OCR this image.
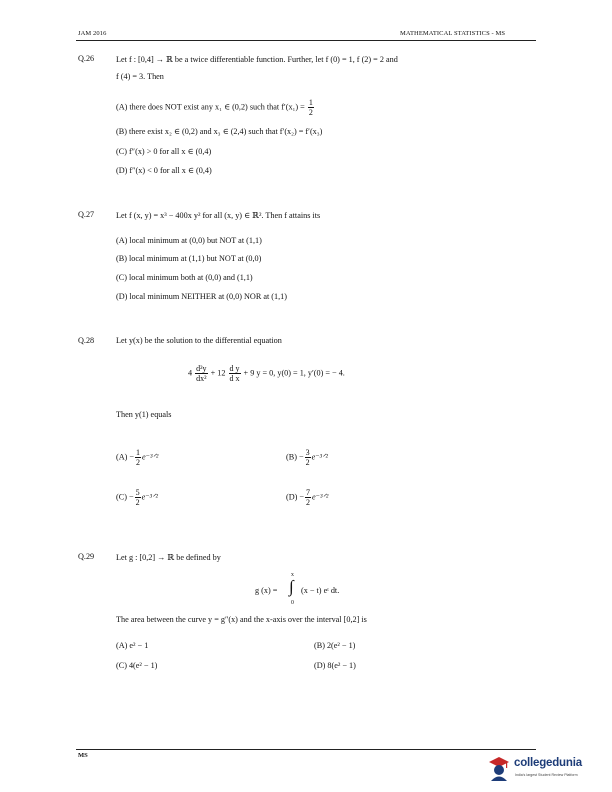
JAM 2016	MATHEMATICAL STATISTICS - MS
MS
Q.26	Let f : [0,4] → ℝ be a twice differentiable function. Further, let f (0) = 1, f (2) = 2 and
f (4) = 3. Then
(A) there does NOT exist any x₁ ∈ (0,2) such that $f'(x_1) = \frac{1}{2}$
(B) there exist x₂ ∈ (0,2) and x₃ ∈ (2,4) such that f′(x₂) = f′(x₃)
(C) f″(x) > 0 for all x ∈ (0,4)
(D) f″(x) < 0 for all x ∈ (0,4)
Q.27	Let f (x, y) = x³ − 400x y² for all (x, y) ∈ ℝ². Then f attains its
(A) local minimum at (0,0) but NOT at (1,1)
(B) local minimum at (1,1) but NOT at (0,0)
(C) local minimum both at (0,0) and (1,1)
(D) local minimum NEITHER at (0,0) NOR at (1,1)
Q.28	Let y(x) be the solution to the differential equation
$4 \frac{\text{d²y}}{\text{dx²}} + 12 \frac{\text{d y}}{\text{d x}} + 9$ y = 0, y(0) = 1, y′(0) = − 4.
Then y(1) equals
$(A) - \frac{1}{2}$ e⁻³ᐟ²	$(B) - \frac{3}{2}$ e⁻³ᐟ²
$(C) - \frac{5}{2}$ e⁻³ᐟ²	$(D) - \frac{7}{2}$ e⁻³ᐟ²
Q.29	Let g : [0,2] → ℝ be defined by
g (x) =
x
∫
0
(x − t) eᵗ dt.
The area between the curve y = g″(x) and the x-axis over the interval [0,2] is
(A) e² − 1	(B) 2(e² − 1)
(C) 4(e² − 1)	(D) 8(e² − 1)
collegedunia
India's largest Student Review Platform
